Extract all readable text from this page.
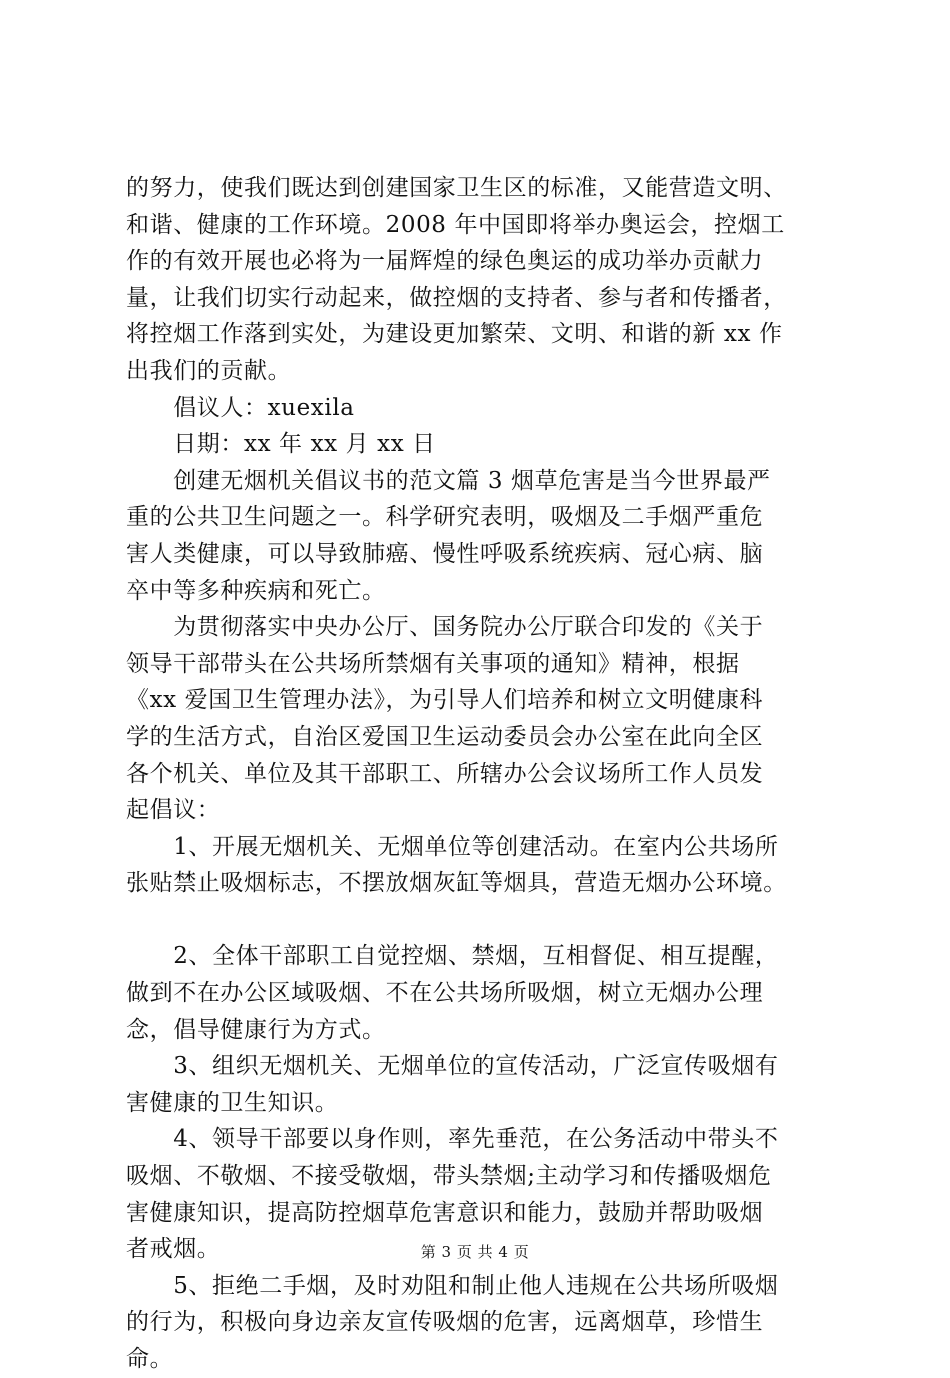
的努力，使我们既达到创建国家卫生区的标准，又能营造文明、
和谐、健康的工作环境。2008 年中国即将举办奥运会，控烟工
作的有效开展也必将为一届辉煌的绿色奥运的成功举办贡献力
量，让我们切实行动起来，做控烟的支持者、参与者和传播者，
将控烟工作落到实处，为建设更加繁荣、文明、和谐的新 xx 作
出我们的贡献。
　　倡议人：xuexila
　　日期：xx 年 xx 月 xx 日
　　创建无烟机关倡议书的范文篇 3 烟草危害是当今世界最严
重的公共卫生问题之一。科学研究表明，吸烟及二手烟严重危
害人类健康，可以导致肺癌、慢性呼吸系统疾病、冠心病、脑
卒中等多种疾病和死亡。
　　为贯彻落实中央办公厅、国务院办公厅联合印发的《关于
领导干部带头在公共场所禁烟有关事项的通知》精神，根据
《xx 爱国卫生管理办法》，为引导人们培养和树立文明健康科
学的生活方式，自治区爱国卫生运动委员会办公室在此向全区
各个机关、单位及其干部职工、所辖办公会议场所工作人员发
起倡议：
　　1、开展无烟机关、无烟单位等创建活动。在室内公共场所
张贴禁止吸烟标志，不摆放烟灰缸等烟具，营造无烟办公环境。
　　2、全体干部职工自觉控烟、禁烟，互相督促、相互提醒，
做到不在办公区域吸烟、不在公共场所吸烟，树立无烟办公理
念，倡导健康行为方式。
　　3、组织无烟机关、无烟单位的宣传活动，广泛宣传吸烟有
害健康的卫生知识。
　　4、领导干部要以身作则，率先垂范，在公务活动中带头不
吸烟、不敬烟、不接受敬烟，带头禁烟;主动学习和传播吸烟危
害健康知识，提高防控烟草危害意识和能力，鼓励并帮助吸烟
者戒烟。
　　5、拒绝二手烟，及时劝阻和制止他人违规在公共场所吸烟
的行为，积极向身边亲友宣传吸烟的危害，远离烟草，珍惜生
命。
第 3 页 共 4 页
